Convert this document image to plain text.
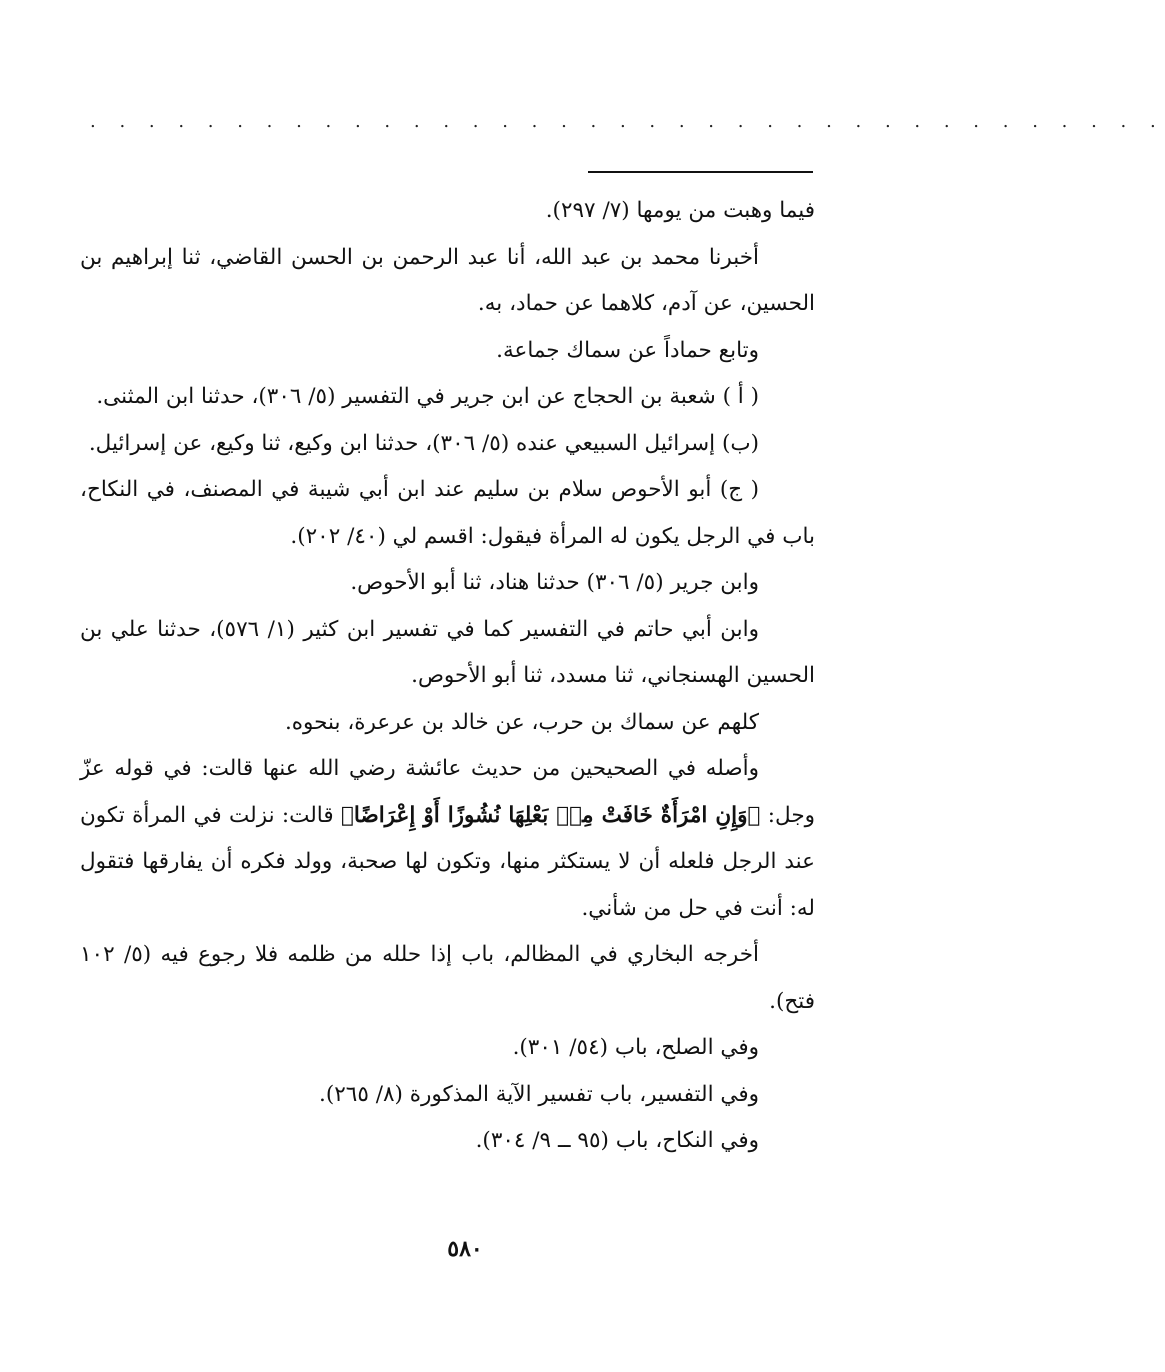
. . . . . . . . . . . . . . . . . . . . . . . . . . . . . . . . . . . . .

فيما وهبت من يومها (٧/ ٢٩٧).

أخبرنا محمد بن عبد الله، أنا عبد الرحمن بن الحسن القاضي، ثنا إبراهيم بن الحسين، عن آدم، كلاهما عن حماد، به.

وتابع حماداً عن سماك جماعة.

( أ ) شعبة بن الحجاج عن ابن جرير في التفسير (٥/ ٣٠٦)، حدثنا ابن المثنى.

(ب) إسرائيل السبيعي عنده (٥/ ٣٠٦)، حدثنا ابن وكيع، ثنا وكيع، عن إسرائيل.

( ج) أبو الأحوص سلام بن سليم عند ابن أبي شيبة في المصنف، في النكاح، باب في الرجل يكون له المرأة فيقول: اقسم لي (٤٠/ ٢٠٢).

وابن جرير (٥/ ٣٠٦) حدثنا هناد، ثنا أبو الأحوص.

وابن أبي حاتم في التفسير كما في تفسير ابن كثير (١/ ٥٧٦)، حدثنا علي بن الحسين الهسنجاني، ثنا مسدد، ثنا أبو الأحوص.

كلهم عن سماك بن حرب، عن خالد بن عرعرة، بنحوه.

وأصله في الصحيحين من حديث عائشة رضي الله عنها قالت: في قوله عزّ وجل: ﴿وَإِنِ امْرَأَةٌ خَافَتْ مِنۢ بَعْلِهَا نُشُوزًا أَوْ إِعْرَاضًا﴾ قالت: نزلت في المرأة تكون عند الرجل فلعله أن لا يستكثر منها، وتكون لها صحبة، وولد فكره أن يفارقها فتقول له: أنت في حل من شأني.

أخرجه البخاري في المظالم، باب إذا حلله من ظلمه فلا رجوع فيه (٥/ ١٠٢ فتح).

وفي الصلح، باب (٥٤/ ٣٠١).

وفي التفسير، باب تفسير الآية المذكورة (٨/ ٢٦٥).

وفي النكاح، باب (٩٥ ــ ٩/ ٣٠٤).

٥٨٠
